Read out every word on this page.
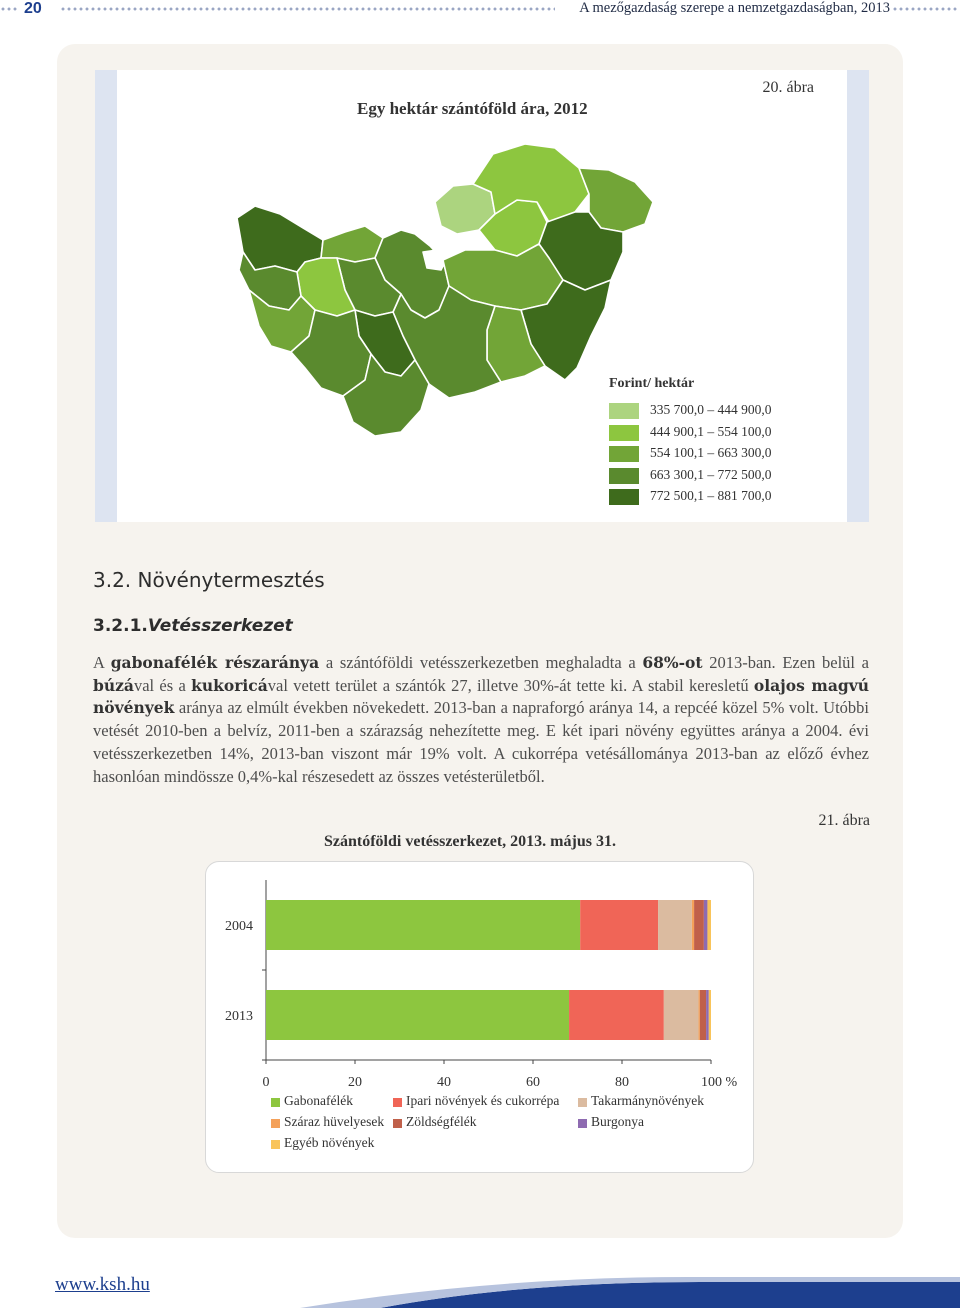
20	A mezőgazdaság szerepe a nemzetgazdaságban, 2013
Egy hektár szántóföld ára, 2012
20. ábra
Forint/ hektár
335 700,0 – 444 900,0
444 900,1 – 554 100,0
554 100,1 – 663 300,0
663 300,1 – 772 500,0
772 500,1 – 881 700,0
3.2. Növénytermesztés
3.2.1.Vetésszerkezet

A gabonafélék részaránya a szántóföldi vetésszerkezetben meghaladta a 68%-ot 2013-ban. Ezen belül a búzával és a kukoricával vetett terület a szántók 27, illetve 30%-át tette ki. A stabil keresletű olajos magvú növények aránya az elmúlt években növekedett. 2013-ban a napraforgó aránya 14, a repcéé közel 5% volt. Utóbbi vetését 2010-ben a belvíz, 2011-ben a szárazság nehezítette meg. E két ipari növény együttes aránya a 2004. évi vetésszerkezetben 14%, 2013-ban viszont már 19% volt. A cukorrépa vetésállománya 2013-ban az előző évhez hasonlóan mindössze 0,4%-kal részesedett az összes vetésterületből.

21. ábra
Szántóföldi vetésszerkezet, 2013. május 31.
0	20	40	60	80	100 %
2004
2013
Gabonafélék	Ipari növények és cukorrépa Takarmánynövények
Száraz hüvelyesek Zöldségfélék	Burgonya
Egyéb növények
www.ksh.hu
